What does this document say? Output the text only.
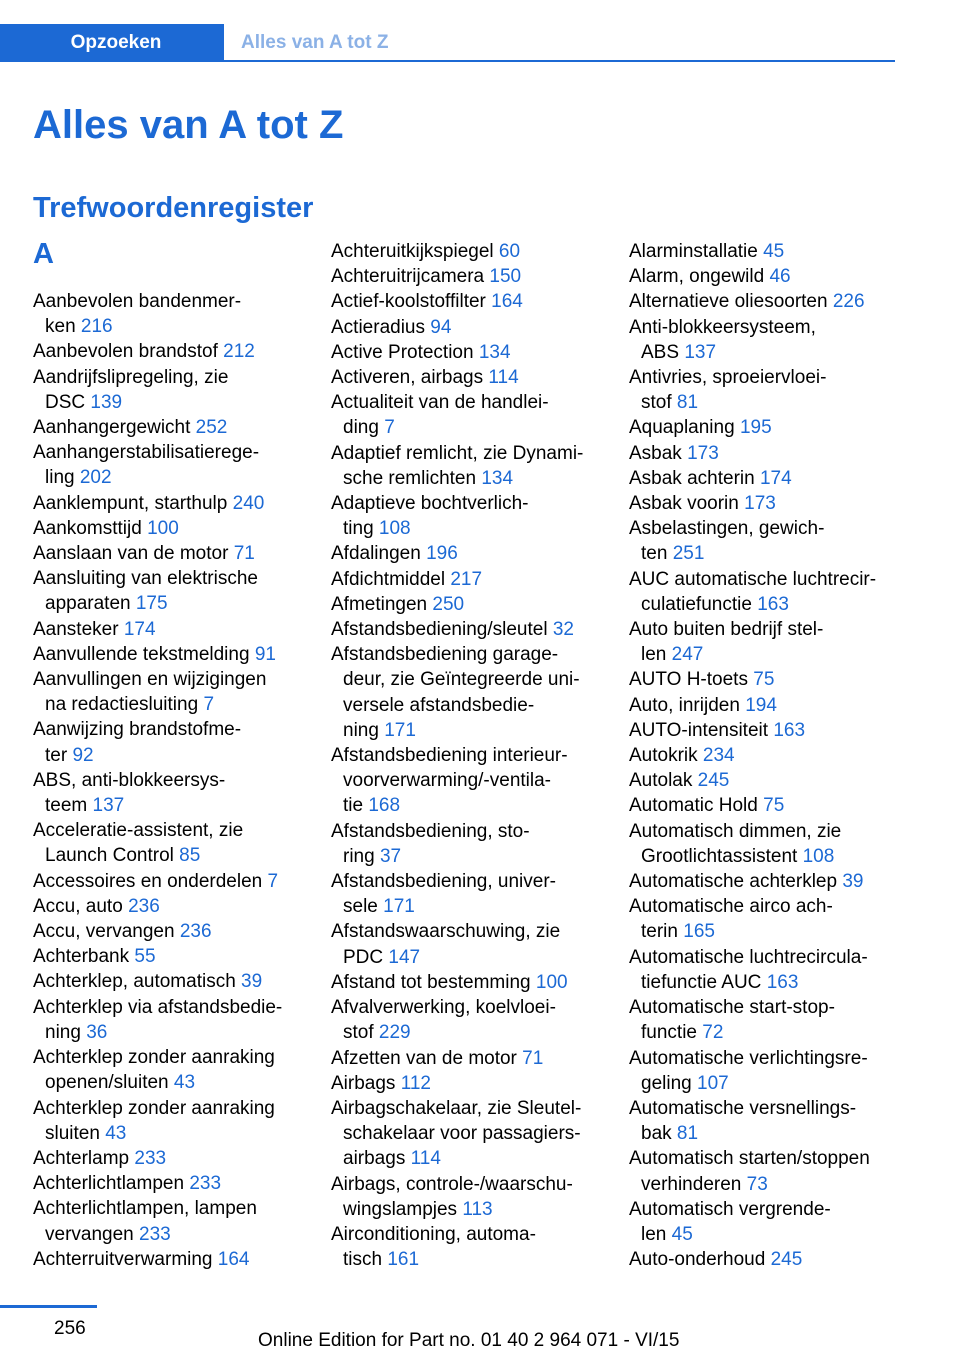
Opzoeken	Alles van A tot Z
Alles van A tot Z
Trefwoordenregister
A
Aanbevolen bandenmer-
ken 216
Aanbevolen brandstof 212
Aandrijfslipregeling, zie
DSC 139
Aanhangergewicht 252
Aanhangerstabilisatierege-
ling 202
Aanklempunt, starthulp 240
Aankomsttijd 100
Aanslaan van de motor 71
Aansluiting van elektrische
apparaten 175
Aansteker 174
Aanvullende tekstmelding 91
Aanvullingen en wijzigingen
na redactiesluiting 7
Aanwijzing brandstofme-
ter 92
ABS, anti-blokkeersys-
teem 137
Acceleratie-assistent, zie
Launch Control 85
Accessoires en onderdelen 7
Accu, auto 236
Accu, vervangen 236
Achterbank 55
Achterklep, automatisch 39
Achterklep via afstandsbedie-
ning 36
Achterklep zonder aanraking
openen/sluiten 43
Achterklep zonder aanraking
sluiten 43
Achterlamp 233
Achterlichtlampen 233
Achterlichtlampen, lampen
vervangen 233
Achterruitverwarming 164
Achteruitkijkspiegel 60
Achteruitrijcamera 150
Actief-koolstoffilter 164
Actieradius 94
Active Protection 134
Activeren, airbags 114
Actualiteit van de handlei-
ding 7
Adaptief remlicht, zie Dynami-
sche remlichten 134
Adaptieve bochtverlich-
ting 108
Afdalingen 196
Afdichtmiddel 217
Afmetingen 250
Afstandsbediening/sleutel 32
Afstandsbediening garage-
deur, zie Geïntegreerde uni-
versele afstandsbedie-
ning 171
Afstandsbediening interieur-
voorverwarming/-ventila-
tie 168
Afstandsbediening, sto-
ring 37
Afstandsbediening, univer-
sele 171
Afstandswaarschuwing, zie
PDC 147
Afstand tot bestemming 100
Afvalverwerking, koelvloei-
stof 229
Afzetten van de motor 71
Airbags 112
Airbagschakelaar, zie Sleutel-
schakelaar voor passagiers-
airbags 114
Airbags, controle-/waarschu-
wingslampjes 113
Airconditioning, automa-
tisch 161
Alarminstallatie 45
Alarm, ongewild 46
Alternatieve oliesoorten 226
Anti-blokkeersysteem,
ABS 137
Antivries, sproeiervloei-
stof 81
Aquaplaning 195
Asbak 173
Asbak achterin 174
Asbak voorin 173
Asbelastingen, gewich-
ten 251
AUC automatische luchtrecir-
culatiefunctie 163
Auto buiten bedrijf stel-
len 247
AUTO H-toets 75
Auto, inrijden 194
AUTO-intensiteit 163
Autokrik 234
Autolak 245
Automatic Hold 75
Automatisch dimmen, zie
Grootlichtassistent 108
Automatische achterklep 39
Automatische airco ach-
terin 165
Automatische luchtrecircula-
tiefunctie AUC 163
Automatische start-stop-
functie 72
Automatische verlichtingsre-
geling 107
Automatische versnellings-
bak 81
Automatisch starten/stoppen
verhinderen 73
Automatisch vergrende-
len 45
Auto-onderhoud 245
256
Online Edition for Part no. 01 40 2 964 071 - VI/15
